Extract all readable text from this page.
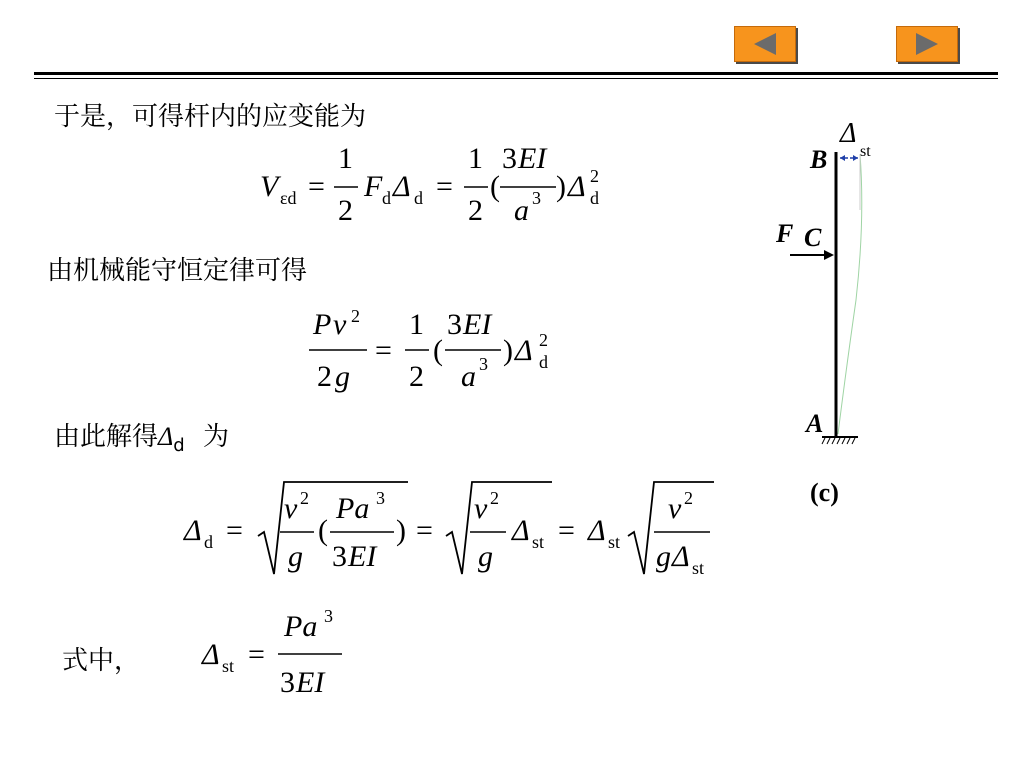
于是，可得杆内的应变能为
由机械能守恒定律可得
由此解得$\Delta_d$ 为
式中，
V εd =
1
2
F d Δ d =
1
2
(
3 EI
a 3 ) Δ 2
d
P v 2
2 g
=
1
2
(
3 EI
a 3 ) Δ 2
d
Δ d =
v 2
g
(
Pa 3
3 EI
) =
v 2
g
Δ st = Δ st
v 2
g Δ st
Δ st =
Pa 3
3 EI
B
Δ
st
F C
A
(c)
